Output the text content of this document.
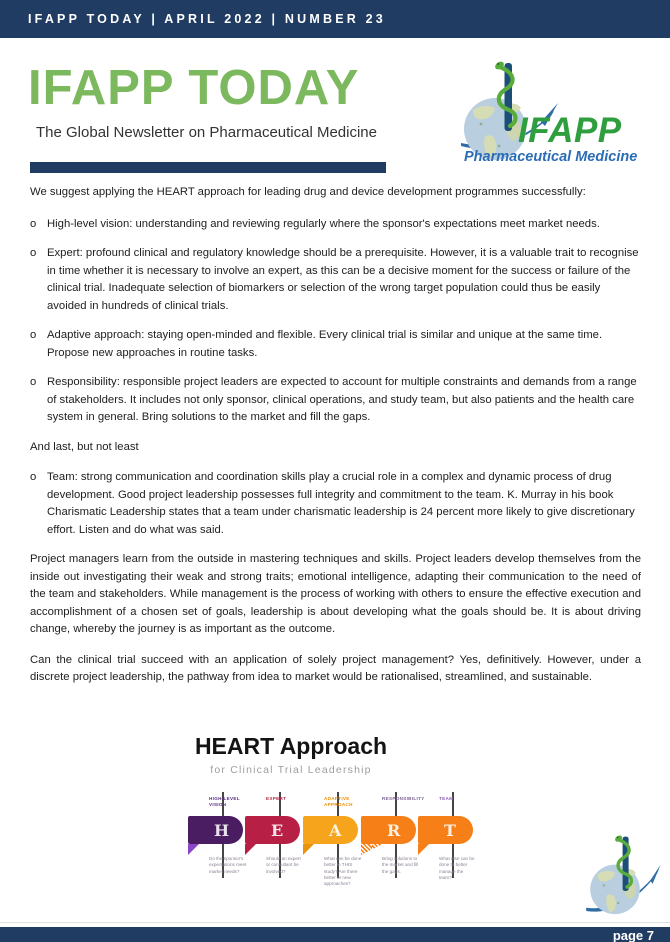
IFAPP TODAY | APRIL 2022 | NUMBER 23
IFAPP TODAY
The Global Newsletter on Pharmaceutical Medicine	IFAPP
Pharmaceutical Medicine

We suggest applying the HEART approach for leading drug and device development programmes successfully:

o High-level vision: understanding and reviewing regularly where the sponsor's expectations meet market needs.
o Expert: profound clinical and regulatory knowledge should be a prerequisite. However, it is a valuable trait to recognise in time whether it is necessary to involve an expert, as this can be a decisive moment for the success or failure of the clinical trial. Inadequate selection of biomarkers or selection of the wrong target population could thus be easily avoided in hundreds of clinical trials.
o Adaptive approach: staying open-minded and flexible. Every clinical trial is similar and unique at the same time. Propose new approaches in routine tasks.
o Responsibility: responsible project leaders are expected to account for multiple constraints and demands from a range of stakeholders. It includes not only sponsor, clinical operations, and study team, but also patients and the health care system in general. Bring solutions to the market and fill the gaps.

And last, but not least

o Team: strong communication and coordination skills play a crucial role in a complex and dynamic process of drug development. Good project leadership possesses full integrity and commitment to the team. K. Murray in his book Charismatic Leadership states that a team under charismatic leadership is 24 percent more likely to give discretionary effort. Listen and do what was said.

Project managers learn from the outside in mastering techniques and skills. Project leaders develop themselves from the inside out investigating their weak and strong traits; emotional intelligence, adapting their communication to the need of the team and stakeholders. While management is the process of working with others to ensure the effective execution and accomplishment of a chosen set of goals, leadership is about developing what the goals should be. It is about driving change, whereby the journey is as important as the outcome.

Can the clinical trial succeed with an application of solely project management? Yes, definitively. However, under a discrete project leadership, the pathway from idea to market would be rationalised, streamlined, and sustainable.

HEART Approach
for Clinical Trial Leadership
HIGH-LEVEL VISION
H
Do the sponsor's expectations meet market needs?
EXPERT
E
Should an expert or consultant be involved?
ADAPTIVE APPROACH
A
What can be done better in THIS study? Are there better or new approaches?
RESPONSIBILITY
R
Bring solutions to the market and fill the gaps.
TEAM
T
What else can be done to better manage the team?
page 7
